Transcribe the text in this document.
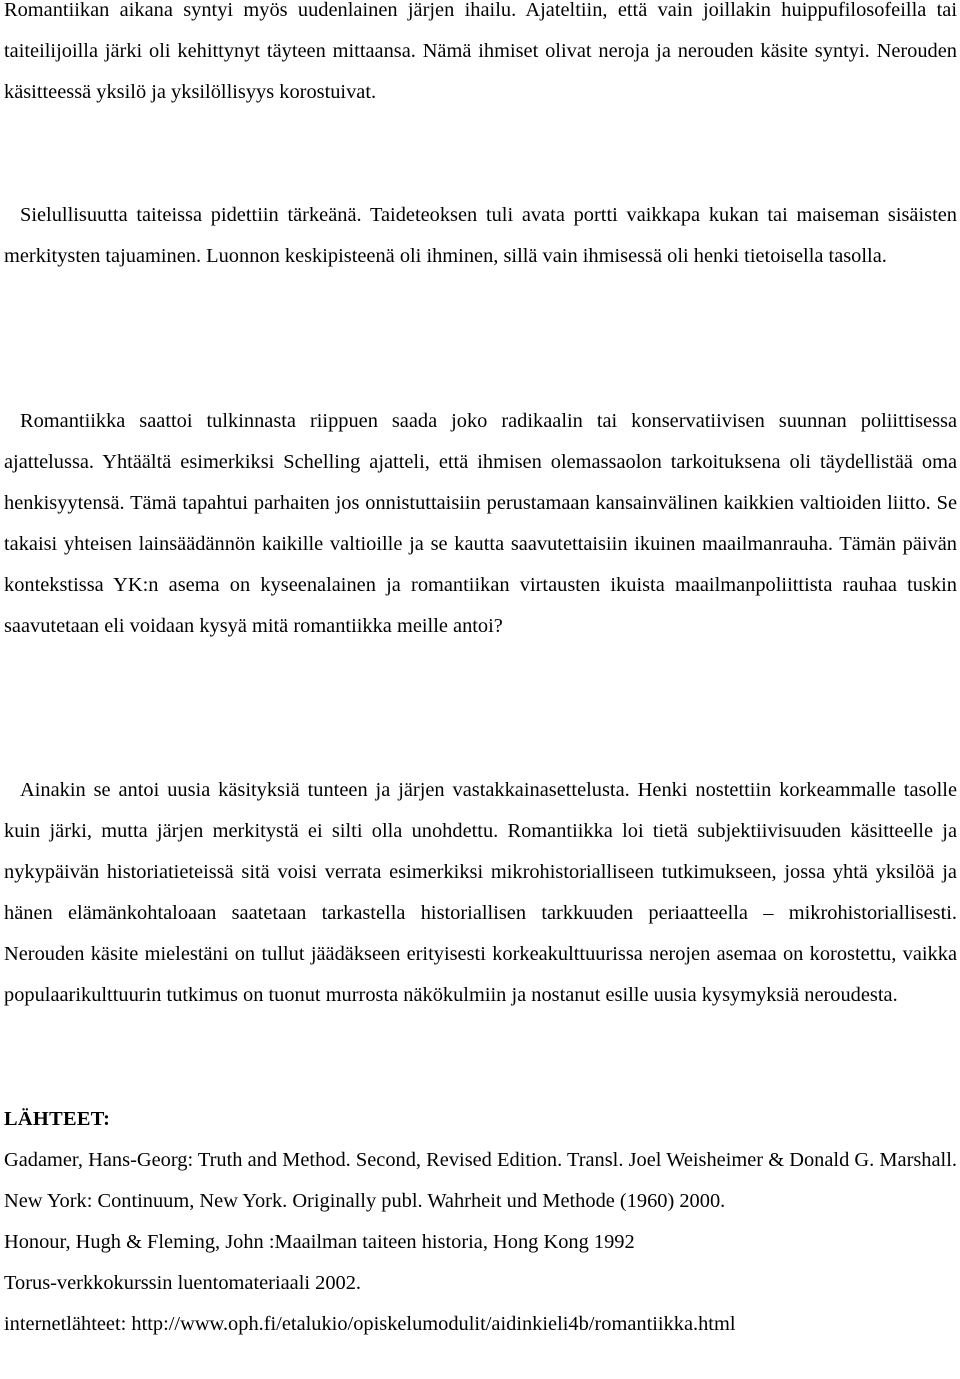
Romantiikan aikana syntyi myös uudenlainen järjen ihailu. Ajateltiin, että vain joillakin huippufilosofeilla tai taiteilijoilla järki oli kehittynyt täyteen mittaansa. Nämä ihmiset olivat neroja ja nerouden käsite syntyi. Nerouden käsitteessä yksilö ja yksilöllisyys korostuivat.

Sielullisuutta taiteissa pidettiin tärkeänä. Taideteoksen tuli avata portti vaikkapa kukan tai maiseman sisäisten merkitysten tajuaminen. Luonnon keskipisteenä oli ihminen, sillä vain ihmisessä oli henki tietoisella tasolla.

Romantiikka saattoi tulkinnasta riippuen saada joko radikaalin tai konservatiivisen suunnan poliittisessa ajattelussa. Yhtäältä esimerkiksi Schelling ajatteli, että ihmisen olemassaolon tarkoituksena oli täydellistää oma henkisyytensä. Tämä tapahtui parhaiten jos onnistuttaisiin perustamaan kansainvälinen kaikkien valtioiden liitto. Se takaisi yhteisen lainsäädännön kaikille valtioille ja se kautta saavutettaisiin ikuinen maailmanrauha. Tämän päivän kontekstissa YK:n asema on kyseenalainen ja romantiikan virtausten ikuista maailmanpoliittista rauhaa tuskin saavutetaan eli voidaan kysyä mitä romantiikka meille antoi?

Ainakin se antoi uusia käsityksiä tunteen ja järjen vastakkainasettelusta. Henki nostettiin korkeammalle tasolle kuin järki, mutta järjen merkitystä ei silti olla unohdettu. Romantiikka loi tietä subjektiivisuuden käsitteelle ja nykypäivän historiatieteissä sitä voisi verrata esimerkiksi mikrohistorialliseen tutkimukseen, jossa yhtä yksilöä ja hänen elämänkohtaloaan saatetaan tarkastella historiallisen tarkkuuden periaatteella – mikrohistoriallisesti. Nerouden käsite mielestäni on tullut jäädäkseen erityisesti korkeakulttuurissa nerojen asemaa on korostettu, vaikka populaarikulttuurin tutkimus on tuonut murrosta näkökulmiin ja nostanut esille uusia kysymyksiä neroudesta.

LÄHTEET:

Gadamer, Hans-Georg: Truth and Method. Second, Revised Edition. Transl. Joel Weisheimer & Donald G. Marshall. New York: Continuum, New York. Originally publ. Wahrheit und Methode (1960) 2000.

Honour, Hugh & Fleming, John :Maailman taiteen historia, Hong Kong 1992

Torus-verkkokurssin luentomateriaali 2002.

internetlähteet: http://www.oph.fi/etalukio/opiskelumodulit/aidinkieli4b/romantiikka.html
